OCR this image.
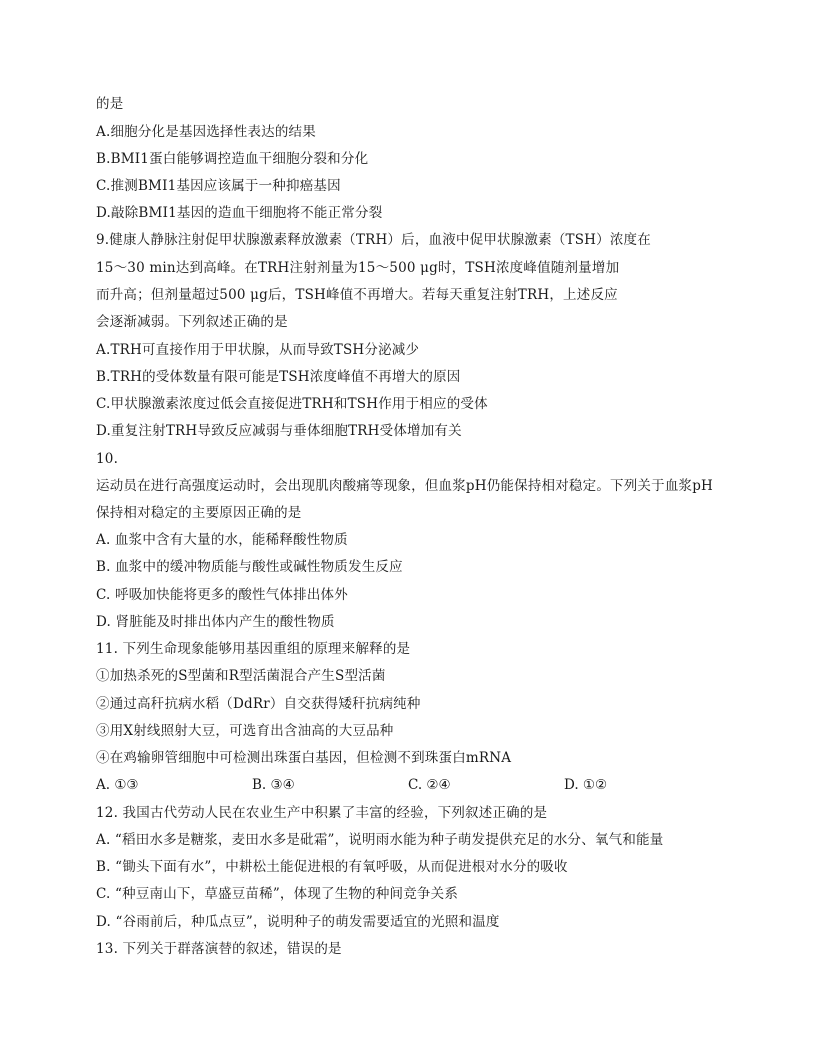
的是
A.细胞分化是基因选择性表达的结果
B.BMI1蛋白能够调控造血干细胞分裂和分化
C.推测BMI1基因应该属于一种抑癌基因
D.敲除BMI1基因的造血干细胞将不能正常分裂
9.健康人静脉注射促甲状腺激素释放激素（TRH）后，血液中促甲状腺激素（TSH）浓度在
15～30 min达到高峰。在TRH注射剂量为15～500 μg时，TSH浓度峰值随剂量增加
而升高；但剂量超过500 μg后，TSH峰值不再增大。若每天重复注射TRH，上述反应
会逐渐减弱。下列叙述正确的是
A.TRH可直接作用于甲状腺，从而导致TSH分泌减少
B.TRH的受体数量有限可能是TSH浓度峰值不再增大的原因
C.甲状腺激素浓度过低会直接促进TRH和TSH作用于相应的受体
D.重复注射TRH导致反应减弱与垂体细胞TRH受体增加有关
10.
运动员在进行高强度运动时，会出现肌肉酸痛等现象，但血浆pH仍能保持相对稳定。下列关于血浆pH
保持相对稳定的主要原因正确的是
A. 血浆中含有大量的水，能稀释酸性物质
B. 血浆中的缓冲物质能与酸性或碱性物质发生反应
C. 呼吸加快能将更多的酸性气体排出体外
D. 肾脏能及时排出体内产生的酸性物质
11. 下列生命现象能够用基因重组的原理来解释的是
①加热杀死的S型菌和R型活菌混合产生S型活菌
②通过高秆抗病水稻（DdRr）自交获得矮秆抗病纯种
③用X射线照射大豆，可选育出含油高的大豆品种
④在鸡输卵管细胞中可检测出珠蛋白基因，但检测不到珠蛋白mRNA
A. ①③	B. ③④	C. ②④	D. ①②
12. 我国古代劳动人民在农业生产中积累了丰富的经验，下列叙述正确的是
A. “稻田水多是糖浆，麦田水多是砒霜”，说明雨水能为种子萌发提供充足的水分、氧气和能量
B. “锄头下面有水”，中耕松土能促进根的有氧呼吸，从而促进根对水分的吸收
C. “种豆南山下，草盛豆苗稀”，体现了生物的种间竞争关系
D. “谷雨前后，种瓜点豆”，说明种子的萌发需要适宜的光照和温度
13. 下列关于群落演替的叙述，错误的是
